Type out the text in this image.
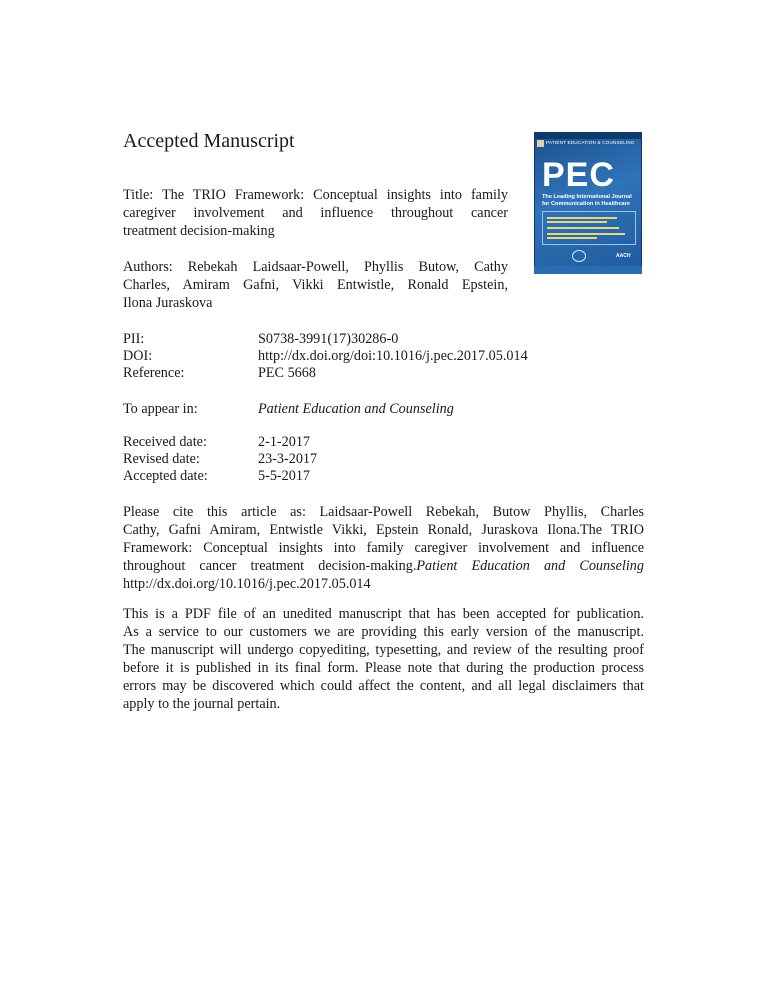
Accepted Manuscript	PATIENT EDUCATION & COUNSELING
PEC
The Leading International Journal for Communication in Healthcare
AACH
Title: The TRIO Framework: Conceptual insights into family
caregiver involvement and influence throughout cancer
treatment decision-making
Authors: Rebekah Laidsaar-Powell, Phyllis Butow, Cathy
Charles, Amiram Gafni, Vikki Entwistle, Ronald Epstein,
Ilona Juraskova
PII:	S0738-3991(17)30286-0
DOI:	http://dx.doi.org/doi:10.1016/j.pec.2017.05.014
Reference:	PEC 5668
To appear in:	Patient Education and Counseling
Received date:	2-1-2017
Revised date:	23-3-2017
Accepted date:	5-5-2017
Please cite this article as: Laidsaar-Powell Rebekah, Butow Phyllis, Charles
Cathy, Gafni Amiram, Entwistle Vikki, Epstein Ronald, Juraskova Ilona.The TRIO
Framework: Conceptual insights into family caregiver involvement and influence
throughout cancer treatment decision-making.Patient Education and Counseling
http://dx.doi.org/10.1016/j.pec.2017.05.014
This is a PDF file of an unedited manuscript that has been accepted for publication.
As a service to our customers we are providing this early version of the manuscript.
The manuscript will undergo copyediting, typesetting, and review of the resulting proof
before it is published in its final form. Please note that during the production process
errors may be discovered which could affect the content, and all legal disclaimers that
apply to the journal pertain.
